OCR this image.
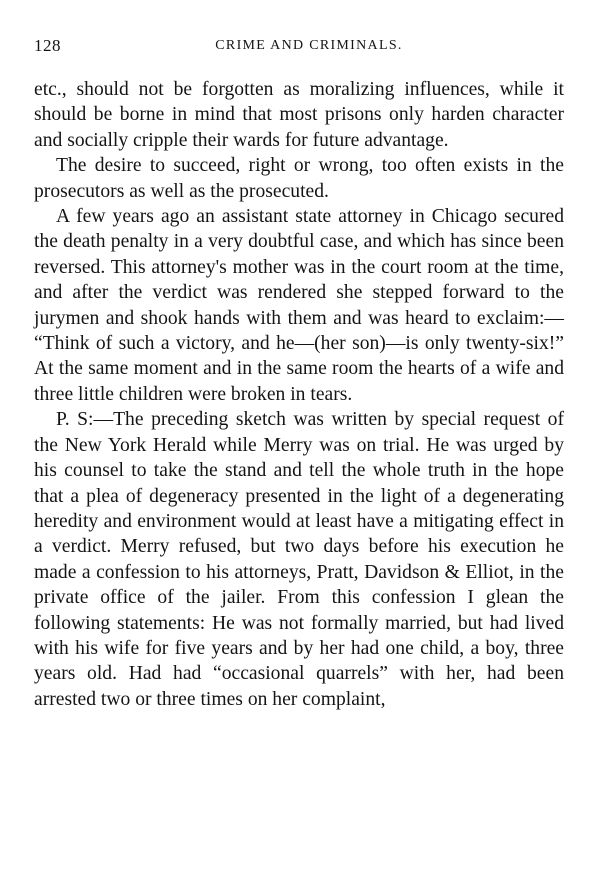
128	CRIME AND CRIMINALS.

etc., should not be forgotten as moralizing influences, while it should be borne in mind that most prisons only harden character and socially cripple their wards for future advantage.

The desire to succeed, right or wrong, too often exists in the prosecutors as well as the prosecuted.

A few years ago an assistant state attorney in Chicago secured the death penalty in a very doubtful case, and which has since been reversed. This attorney's mother was in the court room at the time, and after the verdict was rendered she stepped forward to the jurymen and shook hands with them and was heard to exclaim:— “Think of such a victory, and he—(her son)—is only twenty-six!” At the same moment and in the same room the hearts of a wife and three little children were broken in tears.

P. S:—The preceding sketch was written by special request of the New York Herald while Merry was on trial. He was urged by his counsel to take the stand and tell the whole truth in the hope that a plea of degeneracy presented in the light of a degenerating heredity and environment would at least have a mitigating effect in a verdict. Merry refused, but two days before his execution he made a confession to his attorneys, Pratt, Davidson & Elliot, in the private office of the jailer. From this confession I glean the following statements: He was not formally married, but had lived with his wife for five years and by her had one child, a boy, three years old. Had had “occasional quarrels” with her, had been arrested two or three times on her complaint,
